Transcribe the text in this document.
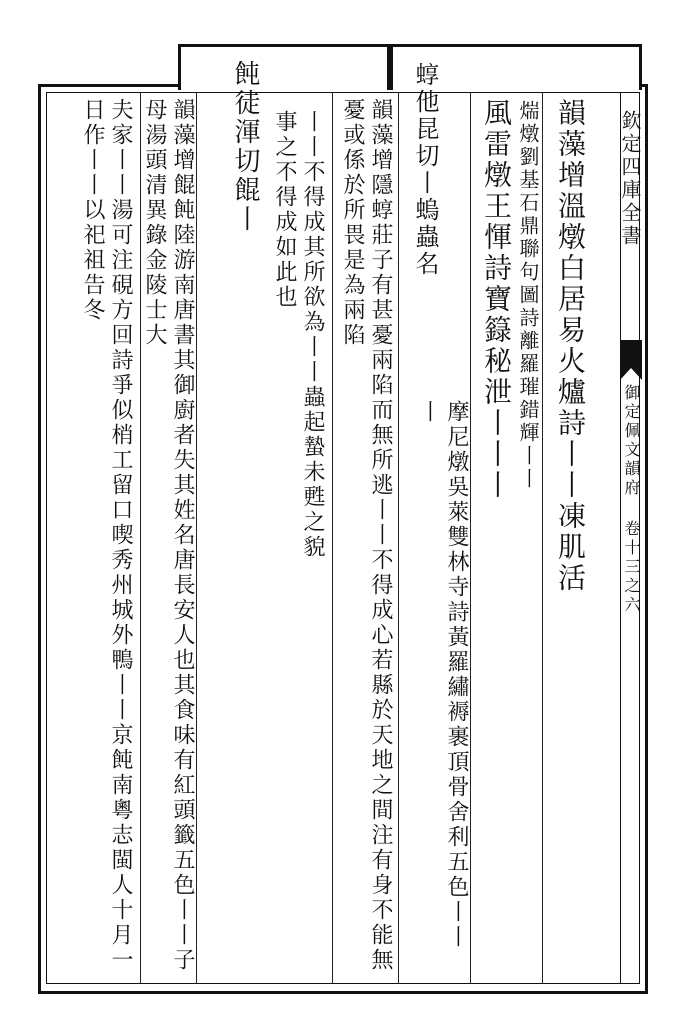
欽定四庫全書
御定佩文韻府 卷十三之六
韻藻增溫燉白居易火爐詩丨丨凍肌活
煓燉劉基石鼎聯句圖詩離羅璀錯輝丨丨
風雷燉王惲詩寶籙秘泄丨丨丨
摩尼燉吳萊雙林寺詩黃羅繡褥裹頂骨舍利五色丨丨丨
蜳他昆切丨螐蟲名
韻藻增隱蜳莊子有甚憂兩陷而無所逃丨丨不得成心若縣於天地之間注有身不能無憂或係於所畏是為兩陷
丨丨不得成其所欲為丨丨蟲起蟄未甦之貌事之不得成如此也
飩徒渾切餛丨
韻藻增餛飩陸游南唐書其御廚者失其姓名唐長安人也其食味有紅頭籤五色丨丨子母湯頭清異錄金陵士大
夫家丨丨湯可注硯方回詩爭似梢工留口喫秀州城外鴨丨丨京飩南粵志閩人十月一日作丨丨以祀祖告冬
